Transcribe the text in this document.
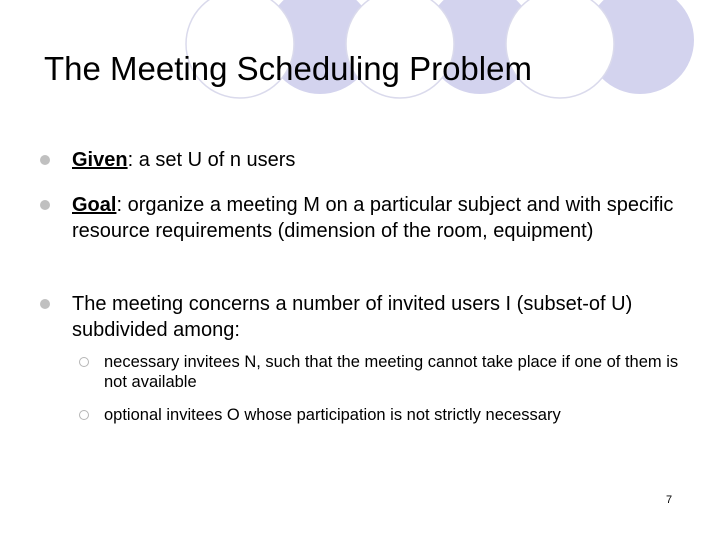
The Meeting Scheduling Problem
Given: a set U of n users
Goal: organize a meeting M on a particular subject and with specific resource requirements (dimension of the room, equipment)
The meeting concerns a number of invited users I (subset-of U) subdivided among:
necessary invitees N, such that the meeting cannot take place if one of them is not available
optional invitees O whose participation is not strictly necessary
7
